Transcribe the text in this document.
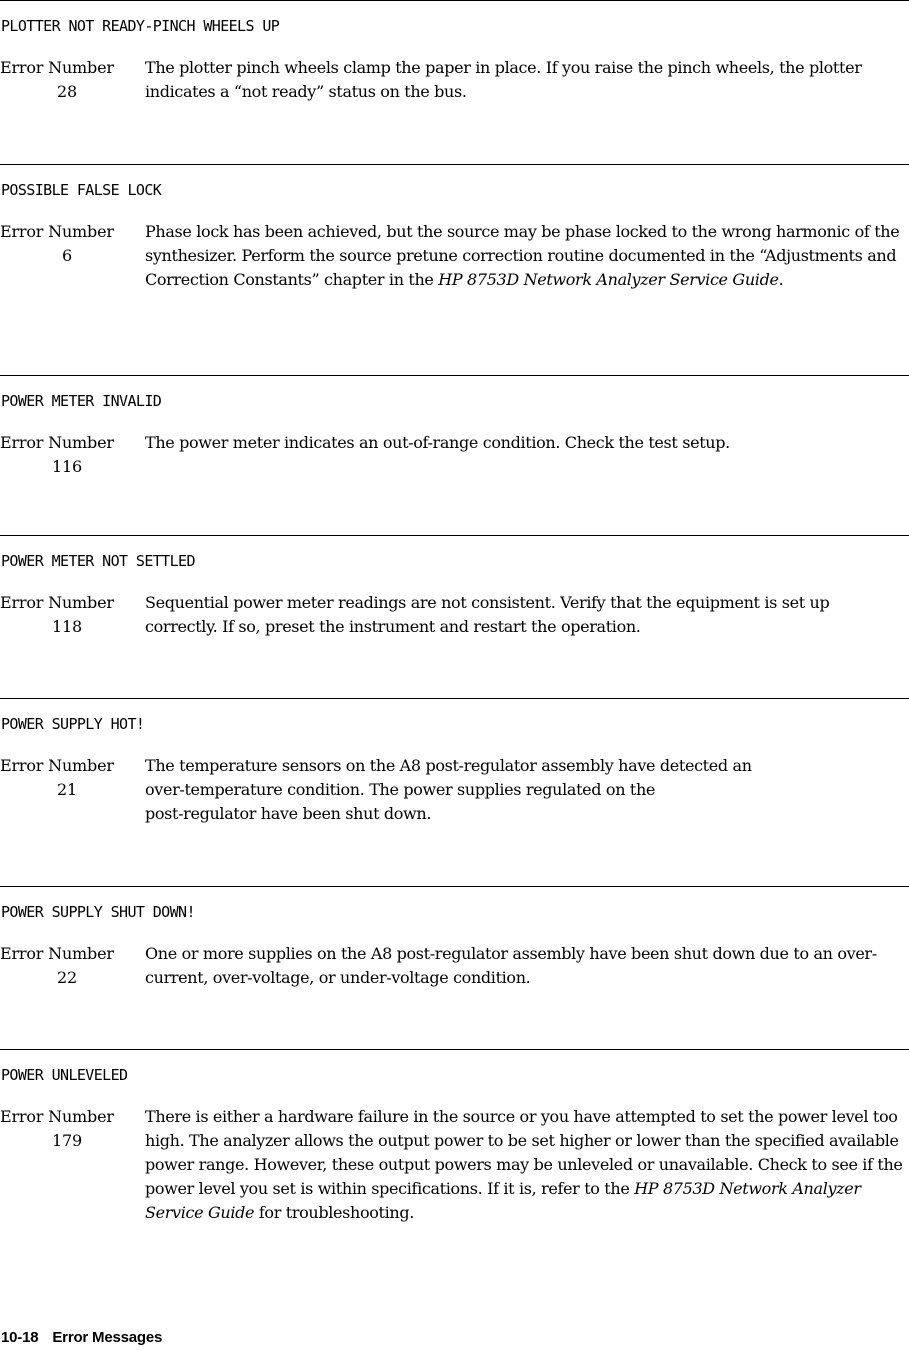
PLOTTER NOT READY-PINCH WHEELS UP
Error Number
28
The plotter pinch wheels clamp the paper in place. If you raise the pinch wheels, the plotter indicates a “not ready” status on the bus.
POSSIBLE FALSE LOCK
Error Number
6
Phase lock has been achieved, but the source may be phase locked to the wrong harmonic of the synthesizer. Perform the source pretune correction routine documented in the “Adjustments and Correction Constants” chapter in the HP 8753D Network Analyzer Service Guide.
POWER METER INVALID
Error Number
116
The power meter indicates an out-of-range condition. Check the test setup.
POWER METER NOT SETTLED
Error Number
118
Sequential power meter readings are not consistent. Verify that the equipment is set up correctly. If so, preset the instrument and restart the operation.
POWER SUPPLY HOT!
Error Number
21
The temperature sensors on the A8 post-regulator assembly have detected an
over-temperature condition. The power supplies regulated on the
post-regulator have been shut down.
POWER SUPPLY SHUT DOWN!
Error Number
22
One or more supplies on the A8 post-regulator assembly have been shut down due to an over-current, over-voltage, or under-voltage condition.
POWER UNLEVELED
Error Number
179
There is either a hardware failure in the source or you have attempted to set the power level too high. The analyzer allows the output power to be set higher or lower than the specified available power range. However, these output powers may be unleveled or unavailable. Check to see if the power level you set is within specifications. If it is, refer to the HP 8753D Network Analyzer Service Guide for troubleshooting.
10-18 Error Messages
